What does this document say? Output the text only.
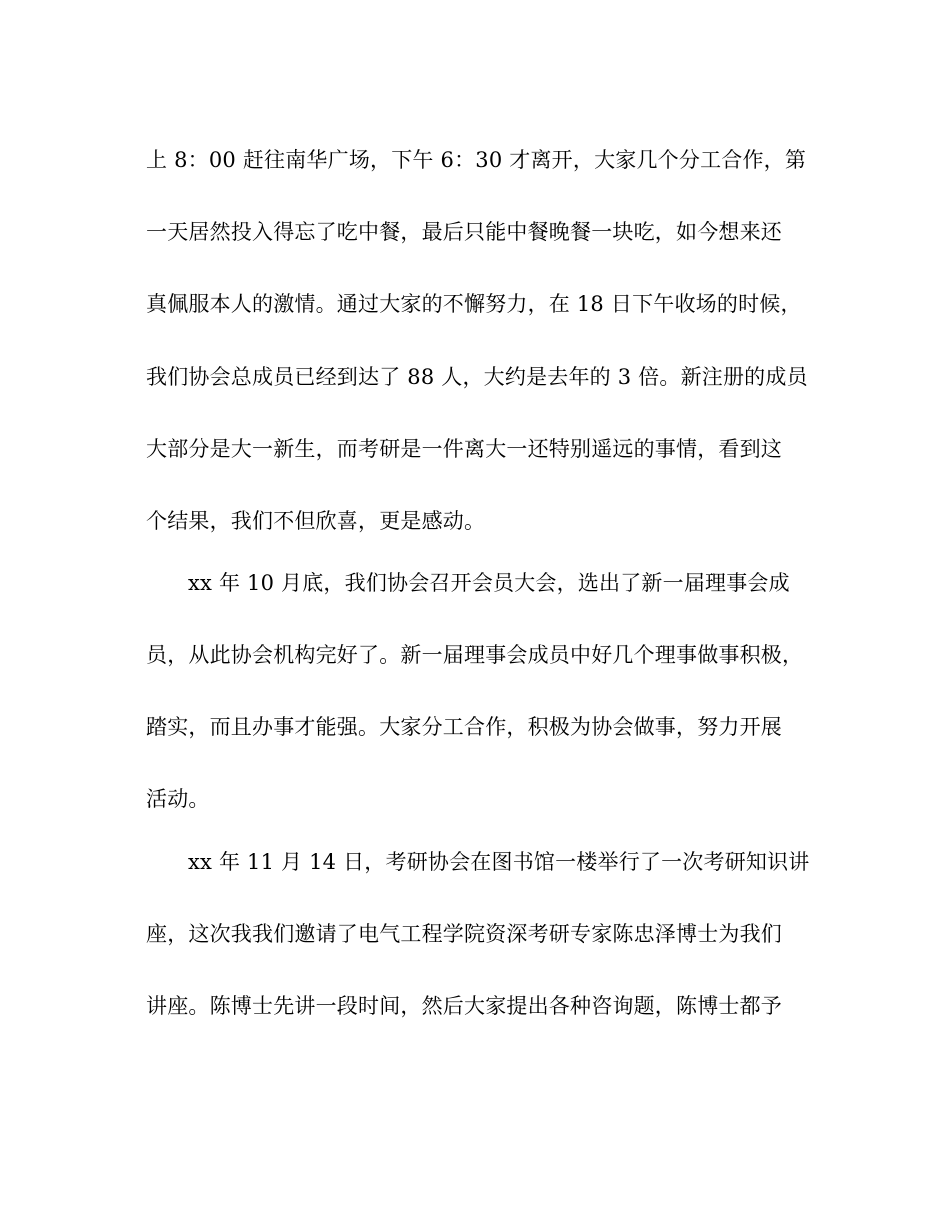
上 8：00 赶往南华广场，下午 6：30 才离开，大家几个分工合作，第
一天居然投入得忘了吃中餐，最后只能中餐晚餐一块吃，如今想来还
真佩服本人的激情。通过大家的不懈努力，在 18 日下午收场的时候，
我们协会总成员已经到达了 88 人，大约是去年的 3 倍。新注册的成员
大部分是大一新生，而考研是一件离大一还特别遥远的事情，看到这
个结果，我们不但欣喜，更是感动。
xx 年 10 月底，我们协会召开会员大会，选出了新一届理事会成
员，从此协会机构完好了。新一届理事会成员中好几个理事做事积极，
踏实，而且办事才能强。大家分工合作，积极为协会做事，努力开展
活动。
xx 年 11 月 14 日，考研协会在图书馆一楼举行了一次考研知识讲
座，这次我我们邀请了电气工程学院资深考研专家陈忠泽博士为我们
讲座。陈博士先讲一段时间，然后大家提出各种咨询题，陈博士都予
